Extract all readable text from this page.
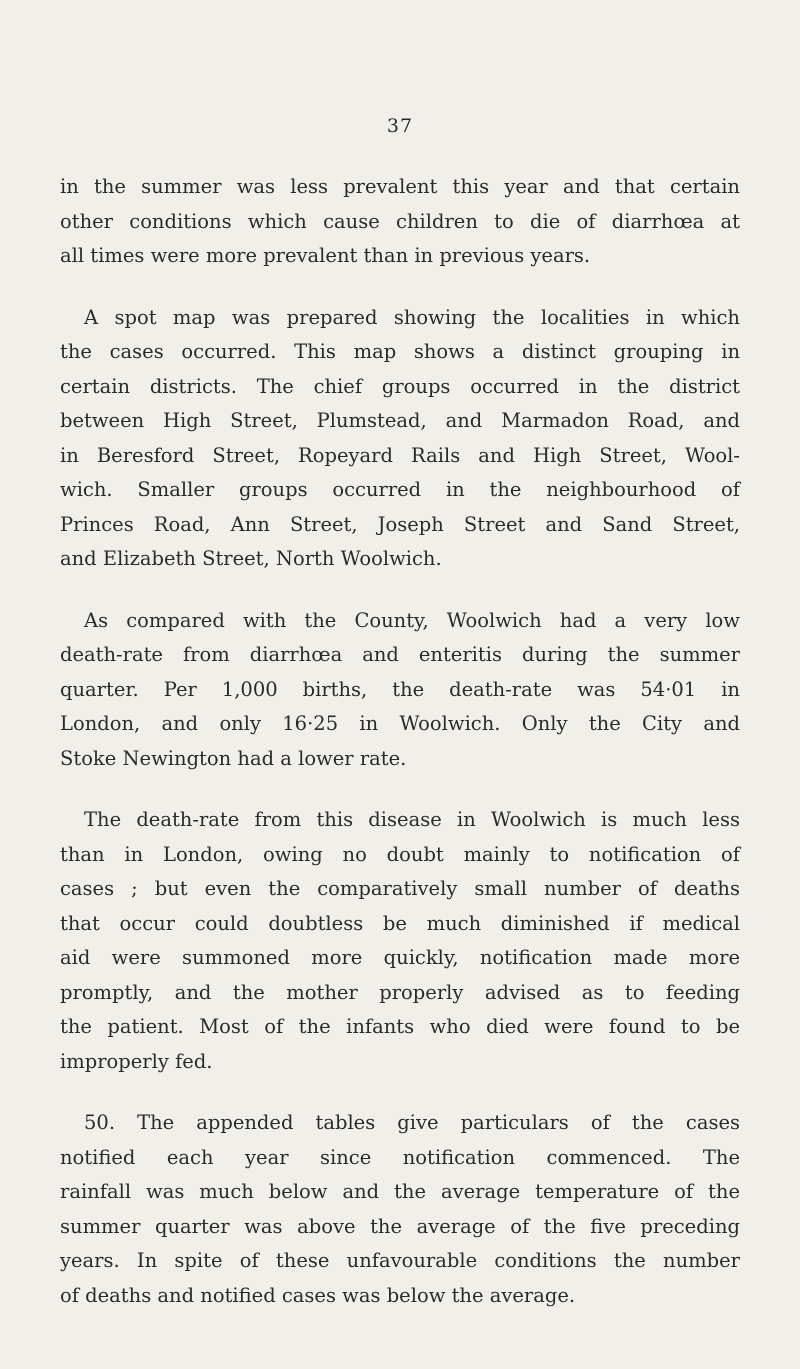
37

in the summer was less prevalent this year and that certain
other conditions which cause children to die of diarrhœa at
all times were more prevalent than in previous years.

A spot map was prepared showing the localities in which
the cases occurred. This map shows a distinct grouping in
certain districts. The chief groups occurred in the district
between High Street, Plumstead, and Marmadon Road, and
in Beresford Street, Ropeyard Rails and High Street, Wool-
wich. Smaller groups occurred in the neighbourhood of
Princes Road, Ann Street, Joseph Street and Sand Street,
and Elizabeth Street, North Woolwich.

As compared with the County, Woolwich had a very low
death-rate from diarrhœa and enteritis during the summer
quarter. Per 1,000 births, the death-rate was 54·01 in
London, and only 16·25 in Woolwich. Only the City and
Stoke Newington had a lower rate.

The death-rate from this disease in Woolwich is much less
than in London, owing no doubt mainly to notification of
cases ; but even the comparatively small number of deaths
that occur could doubtless be much diminished if medical
aid were summoned more quickly, notification made more
promptly, and the mother properly advised as to feeding
the patient. Most of the infants who died were found to be
improperly fed.

50. The appended tables give particulars of the cases
notified each year since notification commenced. The
rainfall was much below and the average temperature of the
summer quarter was above the average of the five preceding
years. In spite of these unfavourable conditions the number
of deaths and notified cases was below the average.
